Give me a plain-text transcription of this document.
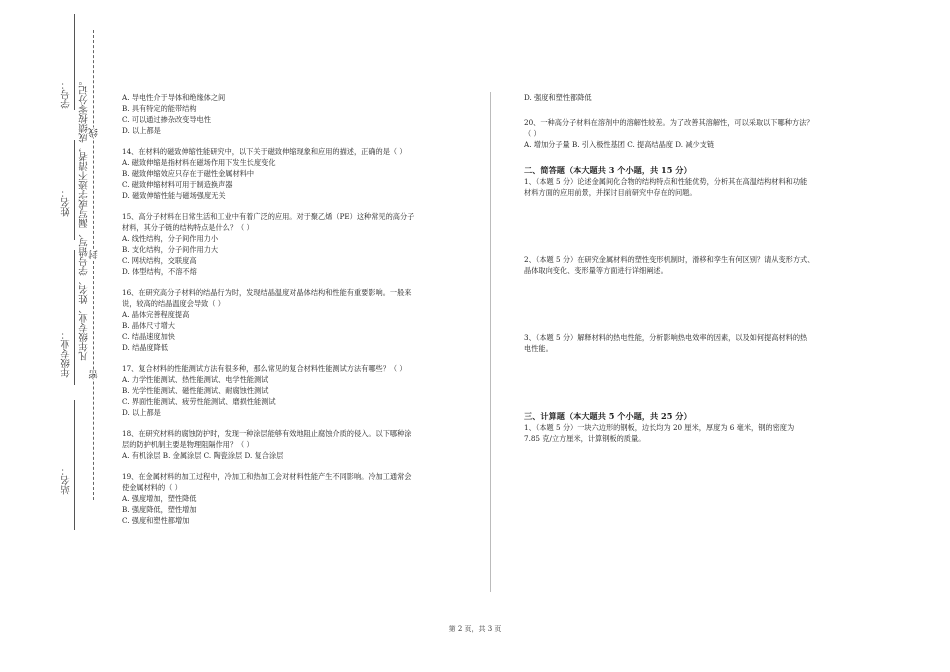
学号：
姓名：
年级专业：
站名：
凡年级专业、姓名、学号错写、漏写或字迹不清者，成绩按零分记。 线
封
密

A. 导电性介于导体和绝缘体之间

B. 具有特定的能带结构

C. 可以通过掺杂改变导电性

D. 以上都是

14、在材料的磁致伸缩性能研究中，以下关于磁致伸缩现象和应用的描述，正确的是（ ）

A. 磁致伸缩是指材料在磁场作用下发生长度变化

B. 磁致伸缩效应只存在于磁性金属材料中

C. 磁致伸缩材料可用于制造换声器

D. 磁致伸缩性能与磁场强度无关

15、高分子材料在日常生活和工业中有着广泛的应用。对于聚乙烯（PE）这种常见的高分子

材料，其分子链的结构特点是什么？（ ）

A. 线性结构，分子间作用力小

B. 支化结构，分子间作用力大

C. 网状结构，交联度高

D. 体型结构，不溶不熔

16、在研究高分子材料的结晶行为时，发现结晶温度对晶体结构和性能有重要影响。一般来

说，较高的结晶温度会导致（ ）

A. 晶体完善程度提高

B. 晶体尺寸增大

C. 结晶速度加快

D. 结晶度降低

17、复合材料的性能测试方法有很多种，那么常见的复合材料性能测试方法有哪些？（ ）

A. 力学性能测试、热性能测试、电学性能测试

B. 光学性能测试、磁性能测试、耐腐蚀性测试

C. 界面性能测试、疲劳性能测试、磨损性能测试

D. 以上都是

18、在研究材料的腐蚀防护时，发现一种涂层能够有效地阻止腐蚀介质的侵入。以下哪种涂

层的防护机制主要是物理阻隔作用？（ ）

A. 有机涂层 B. 金属涂层 C. 陶瓷涂层 D. 复合涂层

19、在金属材料的加工过程中，冷加工和热加工会对材料性能产生不同影响。冷加工通常会

使金属材料的（ ）

A. 强度增加，塑性降低

B. 强度降低，塑性增加

C. 强度和塑性都增加

D. 强度和塑性都降低

20、一种高分子材料在溶剂中的溶解性较差。为了改善其溶解性，可以采取以下哪种方法？

（ ）

A. 增加分子量 B. 引入极性基团 C. 提高结晶度 D. 减少支链

二、简答题（本大题共 3 个小题，共 15 分）

1、（本题 5 分）论述金属间化合物的结构特点和性能优势，分析其在高温结构材料和功能

材料方面的应用前景，并探讨目前研究中存在的问题。

2、（本题 5 分）在研究金属材料的塑性变形机制时，滑移和孪生有何区别？请从变形方式、

晶体取向变化、变形量等方面进行详细阐述。

3、（本题 5 分）解释材料的热电性能，分析影响热电效率的因素，以及如何提高材料的热

电性能。

三、计算题（本大题共 5 个小题，共 25 分）

1、（本题 5 分）一块六边形的钢板，边长均为 20 厘米，厚度为 6 毫米，钢的密度为

7.85 克/立方厘米，计算钢板的质量。

第 2 页，共 3 页
